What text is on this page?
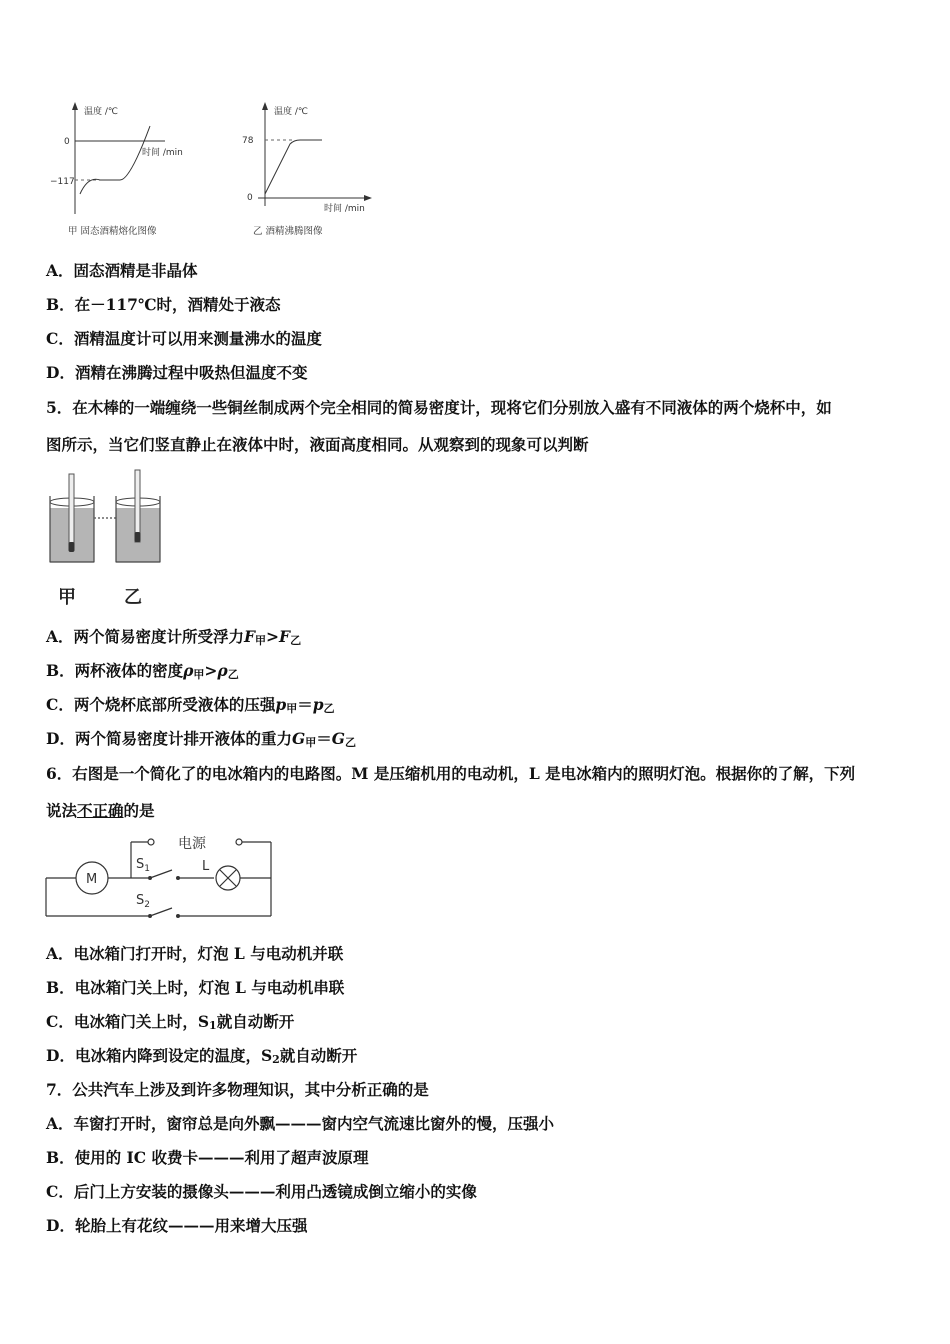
温度 /℃
0
−117
时间 /min
甲 固态酒精熔化图像
温度 /℃
78
0
时间 /min
乙 酒精沸腾图像
A．固态酒精是非晶体
B．在－117℃时，酒精处于液态
C．酒精温度计可以用来测量沸水的温度
D．酒精在沸腾过程中吸热但温度不变
5．在木棒的一端缠绕一些铜丝制成两个完全相同的简易密度计，现将它们分别放入盛有不同液体的两个烧杯中，如
图所示，当它们竖直静止在液体中时，液面高度相同。从观察到的现象可以判断
甲	乙
A．两个简易密度计所受浮力F甲>F乙
B．两杯液体的密度ρ甲>ρ乙
C．两个烧杯底部所受液体的压强p甲＝p乙
D．两个简易密度计排开液体的重力G甲＝G乙
6．右图是一个简化了的电冰箱内的电路图。M 是压缩机用的电动机，L 是电冰箱内的照明灯泡。根据你的了解，下列
说法不正确的是
电源
M
$S_1$	L
$S_2$
A．电冰箱门打开时，灯泡 L 与电动机并联
B．电冰箱门关上时，灯泡 L 与电动机串联
C．电冰箱门关上时，S1就自动断开
D．电冰箱内降到设定的温度，S2就自动断开
7．公共汽车上涉及到许多物理知识，其中分析正确的是
A．车窗打开时，窗帘总是向外飘———窗内空气流速比窗外的慢，压强小
B．使用的 IC 收费卡———利用了超声波原理
C．后门上方安装的摄像头———利用凸透镜成倒立缩小的实像
D．轮胎上有花纹———用来增大压强
